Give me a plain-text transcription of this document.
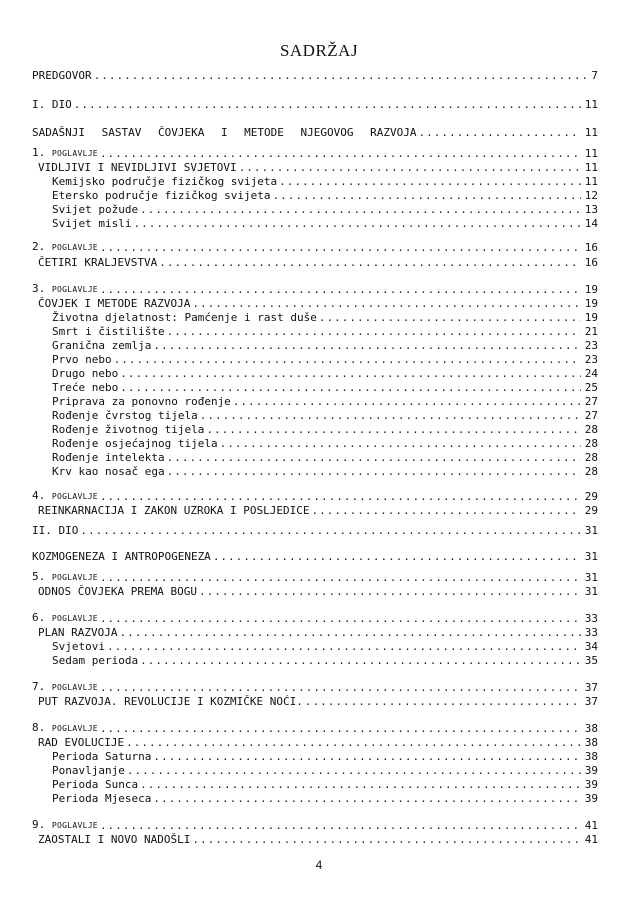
SADRŽAJ
PREDGOVOR .....	7
I. DIO .....	11
SADAŠNJI SASTAV ČOVJEKA I METODE NJEGOVOG RAZVOJA .....	11
1. POGLAVLJE .....	11
VIDLJIVI I NEVIDLJIVI SVJETOVI .....	11
Kemijsko područje fizičkog svijeta .....	11
Etersko područje fizičkog svijeta .....	12
Svijet požude .....	13
Svijet misli .....	14
2. POGLAVLJE .....	16
ČETIRI KRALJEVSTVA .....	16
3. POGLAVLJE .....	19
ČOVJEK I METODE RAZVOJA .....	19
Životna djelatnost: Pamćenje i rast duše .....	19
Smrt i čistilište .....	21
Granična zemlja .....	23
Prvo nebo .....	23
Drugo nebo .....	24
Treće nebo .....	25
Priprava za ponovno rođenje .....	27
Rođenje čvrstog tijela .....	27
Rođenje životnog tijela .....	28
Rođenje osjećajnog tijela .....	28
Rođenje intelekta .....	28
Krv kao nosač ega .....	28
4. POGLAVLJE .....	29
REINKARNACIJA I ZAKON UZROKA I POSLJEDICE .....	29
II. DIO .....	31
KOZMOGENEZA I ANTROPOGENEZA .....	31
5. POGLAVLJE .....	31
ODNOS ČOVJEKA PREMA BOGU .....	31
6. POGLAVLJE .....	33
PLAN RAZVOJA .....	33
Svjetovi .....	34
Sedam perioda .....	35
7. POGLAVLJE .....	37
PUT RAZVOJA. REVOLUCIJE I KOZMIČKE NOĆI. .....	37
8. POGLAVLJE .....	38
RAD EVOLUCIJE .....	38
Perioda Saturna .....	38
Ponavljanje .....	39
Perioda Sunca .....	39
Perioda Mjeseca .....	39
9. POGLAVLJE .....	41
ZAOSTALI I NOVO NADOŠLI .....	41
4
